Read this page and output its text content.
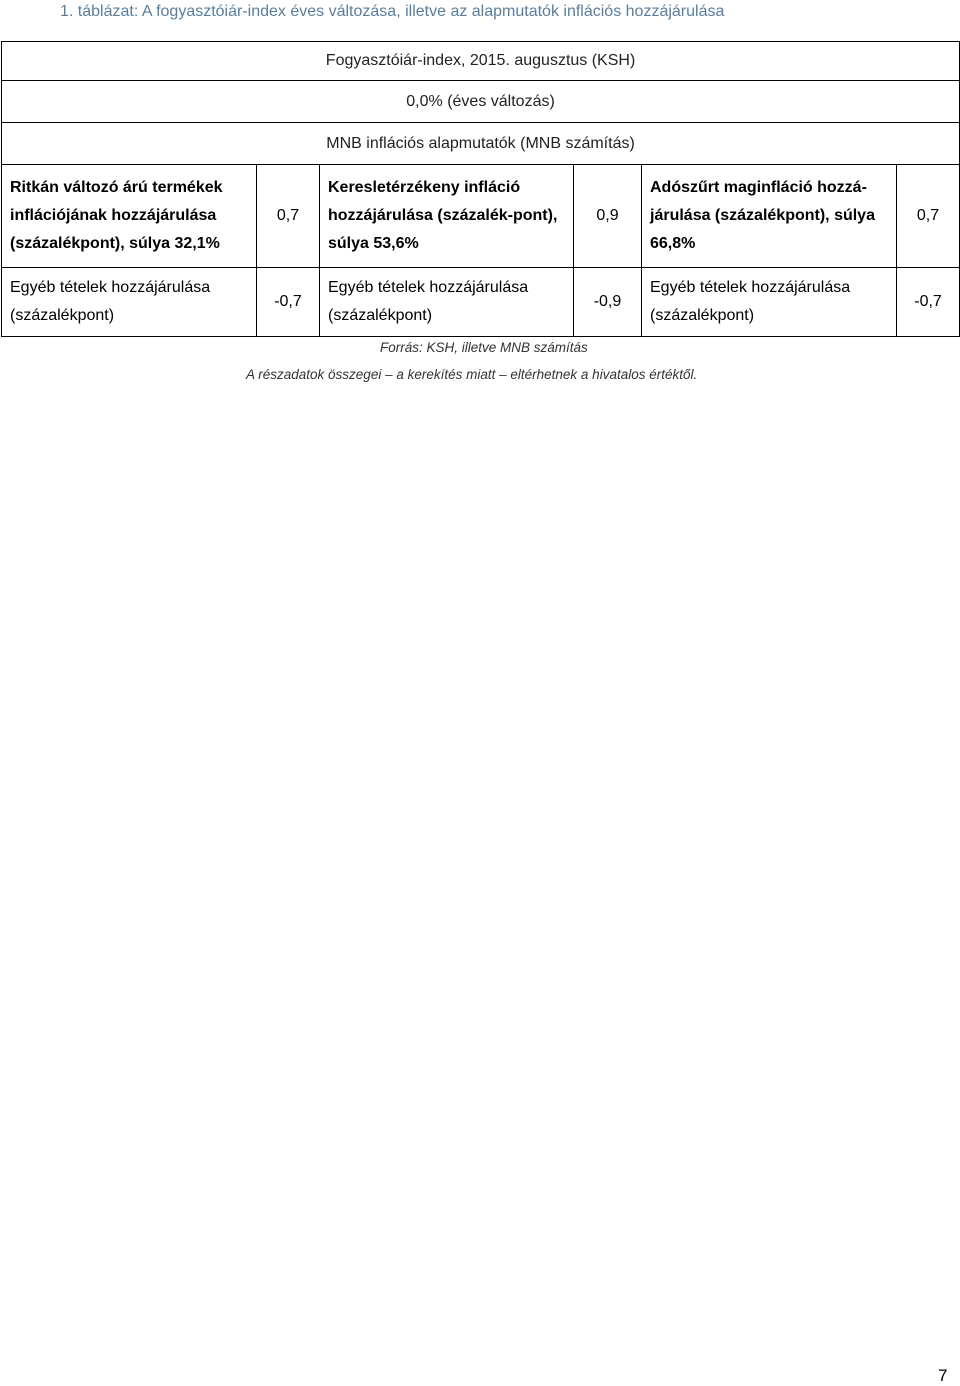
1. táblázat: A fogyasztóiár-index éves változása, illetve az alapmutatók inflációs hozzájárulása
Fogyasztóiár-index, 2015. augusztus (KSH)					
0,0% (éves változás)					
MNB inflációs alapmutatók (MNB számítás)					
Ritkán változó árú termékek inflációjának hozzájárulása (százalékpont), súlya 32,1%	0,7	Keresletérzékeny infláció hozzájárulása (százalék-pont), súlya 53,6%	0,9	Adószűrt maginfláció hozzá-járulása (százalékpont), súlya 66,8%	0,7
Egyéb tételek hozzájárulása (százalékpont)	-0,7	Egyéb tételek hozzájárulása (százalékpont)	-0,9	Egyéb tételek hozzájárulása (százalékpont)	-0,7
Forrás: KSH, illetve MNB számítás
A részadatok összegei – a kerekítés miatt – eltérhetnek a hivatalos értéktől.
7
